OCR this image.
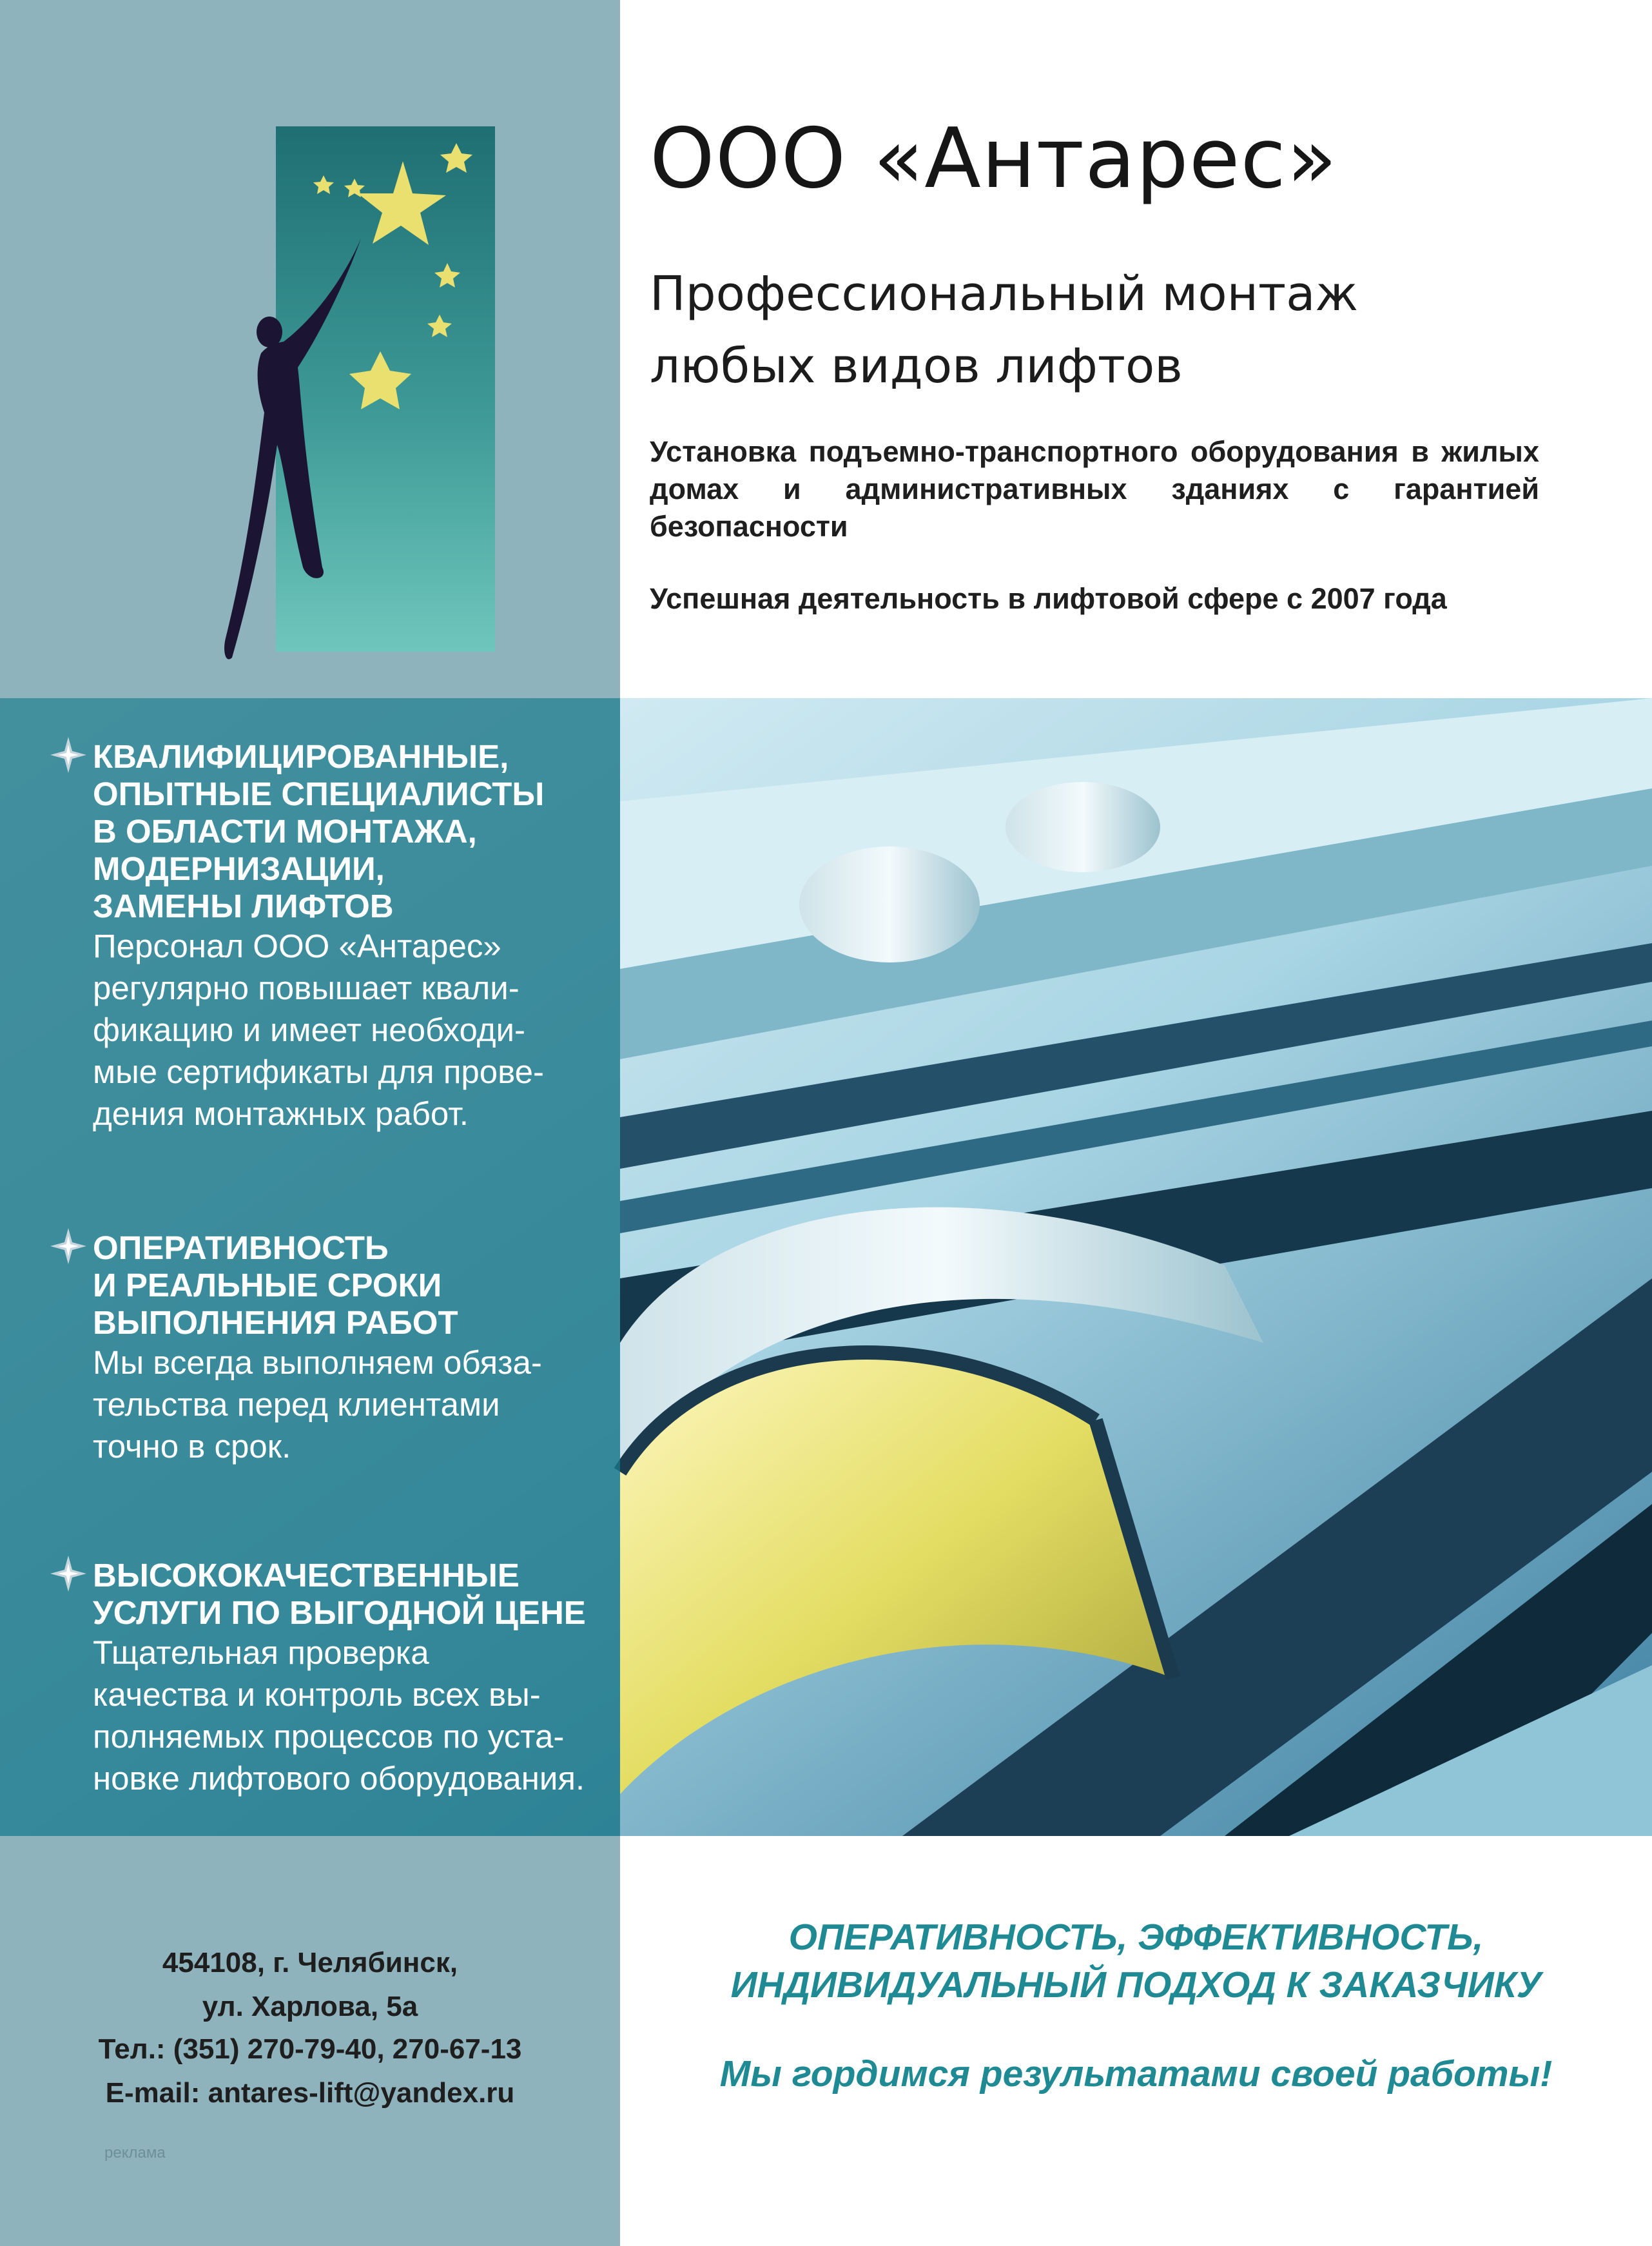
ООО «Антарес»
Профессиональный монтаж
любых видов лифтов
Установка подъемно-транспортного оборудования в жилых домах и административных зданиях с гарантией безопасности
Успешная деятельность в лифтовой сфере с 2007 года
КВАЛИФИЦИРОВАННЫЕ,
ОПЫТНЫЕ СПЕЦИАЛИСТЫ
В ОБЛАСТИ МОНТАЖА,
МОДЕРНИЗАЦИИ,
ЗАМЕНЫ ЛИФТОВ
Персонал ООО «Антарес»
регулярно повышает квали-
фикацию и имеет необходи-
мые сертификаты для прове-
дения монтажных работ.
ОПЕРАТИВНОСТЬ
И РЕАЛЬНЫЕ СРОКИ
ВЫПОЛНЕНИЯ РАБОТ
Мы всегда выполняем обяза-
тельства перед клиентами
точно в срок.
ВЫСОКОКАЧЕСТВЕННЫЕ
УСЛУГИ ПО ВЫГОДНОЙ ЦЕНЕ
Тщательная проверка
качества и контроль всех вы-
полняемых процессов по уста-
новке лифтового оборудования.
454108, г. Челябинск,
ул. Харлова, 5а
Тел.: (351) 270-79-40, 270-67-13
E-mail: antares-lift@yandex.ru
реклама
ОПЕРАТИВНОСТЬ, ЭФФЕКТИВНОСТЬ,
ИНДИВИДУАЛЬНЫЙ ПОДХОД К ЗАКАЗЧИКУ
Мы гордимся результатами своей работы!
